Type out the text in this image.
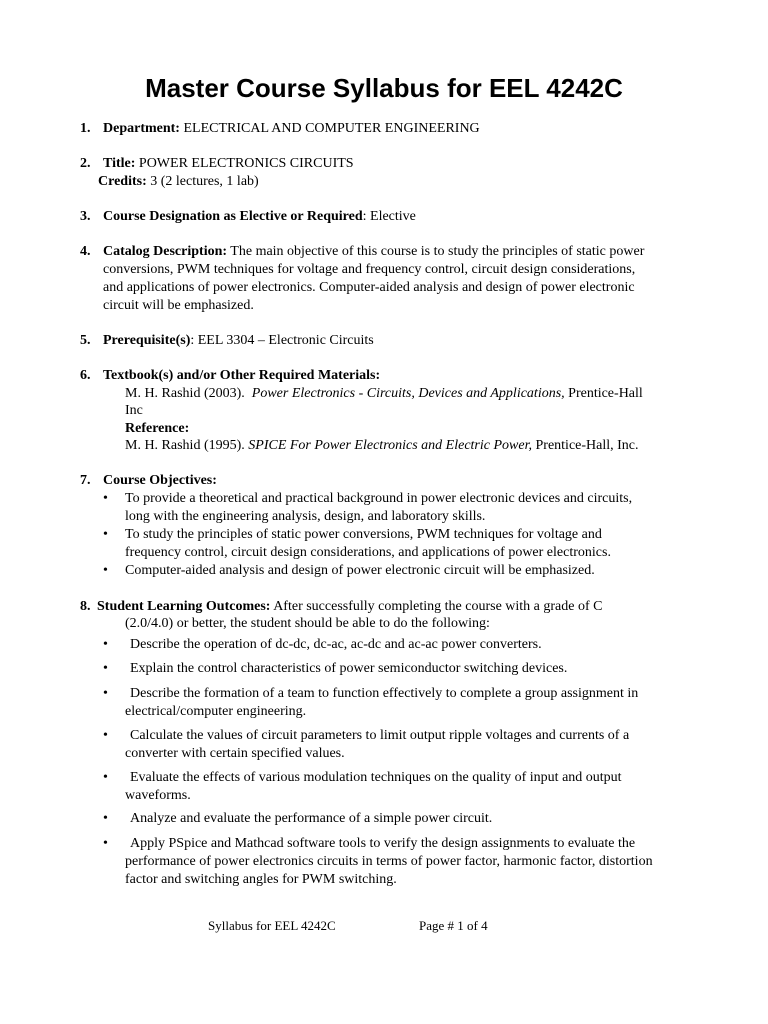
Master Course Syllabus for EEL 4242C
1. Department: ELECTRICAL AND COMPUTER ENGINEERING
2. Title: POWER ELECTRONICS CIRCUITS
Credits: 3 (2 lectures, 1 lab)
3. Course Designation as Elective or Required: Elective
4. Catalog Description: The main objective of this course is to study the principles of static power
conversions, PWM techniques for voltage and frequency control, circuit design considerations,
and applications of power electronics. Computer-aided analysis and design of power electronic
circuit will be emphasized.
5. Prerequisite(s): EEL 3304 – Electronic Circuits
6. Textbook(s) and/or Other Required Materials:
M. H. Rashid (2003). Power Electronics - Circuits, Devices and Applications, Prentice-Hall
Inc
Reference:
M. H. Rashid (1995). SPICE For Power Electronics and Electric Power, Prentice-Hall, Inc.
7. Course Objectives:
• To provide a theoretical and practical background in power electronic devices and circuits,
long with the engineering analysis, design, and laboratory skills.
• To study the principles of static power conversions, PWM techniques for voltage and
frequency control, circuit design considerations, and applications of power electronics.
• Computer-aided analysis and design of power electronic circuit will be emphasized.
8. Student Learning Outcomes: After successfully completing the course with a grade of C
(2.0/4.0) or better, the student should be able to do the following:
• Describe the operation of dc-dc, dc-ac, ac-dc and ac-ac power converters.
• Explain the control characteristics of power semiconductor switching devices.
• Describe the formation of a team to function effectively to complete a group assignment in
electrical/computer engineering.
• Calculate the values of circuit parameters to limit output ripple voltages and currents of a
converter with certain specified values.
• Evaluate the effects of various modulation techniques on the quality of input and output
waveforms.
• Analyze and evaluate the performance of a simple power circuit.
• Apply PSpice and Mathcad software tools to verify the design assignments to evaluate the
performance of power electronics circuits in terms of power factor, harmonic factor, distortion
factor and switching angles for PWM switching.
Syllabus for EEL 4242C	Page # 1 of 4
